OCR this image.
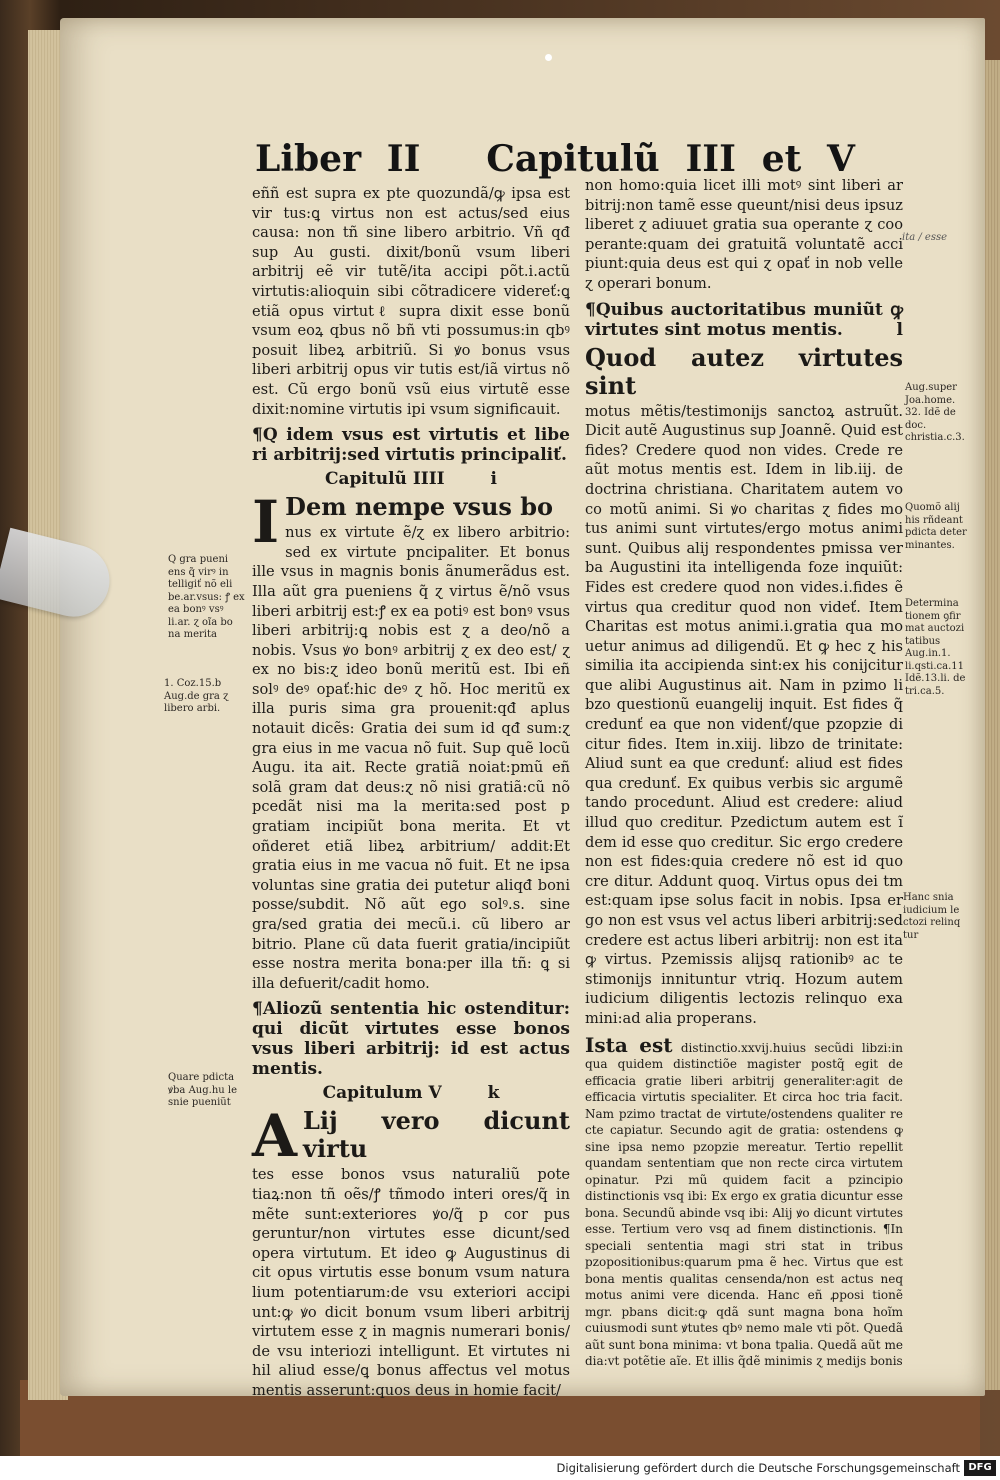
Liber II Capitulũ III et V

eññ est supra ex pte quozundã/ꝙ ipsa est vir tus:ꝗ virtus non est actus/sed eius causa: non tñ sine libero arbitrio. Vñ qđ sup Au gusti. dixit/bonũ vsum liberi arbitrij eẽ vir tutẽ/ita accipi põt.i.actũ virtutis:alioquin sibi cõtradicere videreť:ꝗ etiã opus virtutℓ supra dixit esse bonũ vsum eoꝝ qbus nõ bñ vti possumus:in qbꝰ posuit libeꝝ arbitriũ. Si ꝟo bonus vsus liberi arbitrij opus vir tutis est/iã virtus nõ est. Cũ ergo bonũ vsũ eius virtutẽ esse dixit:nomine virtutis ipi vsum significauit.

¶Q idem vsus est virtutis et libe ri arbitrij:sed virtutis principaliť.

Capitulũ IIII	i

I Dem nempe vsus bo

nus ex virtute ẽ/ɀ ex libero arbitrio: sed ex virtute pncipaliter. Et bonus ille vsus in magnis bonis ãnumerãdus est. Illa aũt gra pueniens q̃ ɀ virtus ẽ/nõ vsus liberi arbitrij est:ꝭ ex ea potiꝰ est bonꝰ vsus liberi arbitrij:ꝗ nobis est ɀ a deo/nõ a nobis. Vsus ꝟo bonꝰ arbitrij ɀ ex deo est/ ɀ ex no bis:ɀ ideo bonũ meritũ est. Ibi eñ solꝰ deꝰ opať:hic deꝰ ɀ hõ. Hoc meritũ ex illa puris sima gra prouenit:qđ aplus notauit dicẽs: Gratia dei sum id qđ sum:ɀ gra eius in me vacua nõ fuit. Sup quẽ locũ Augu. ita ait. Recte gratiã noiat:pmũ eñ solã gram dat deus:ɀ nõ nisi gratiã:cũ nõ pcedãt nisi ma la merita:sed post p gratiam incipiũt bona merita. Et vt oñderet etiã libeꝝ arbitrium/ addit:Et gratia eius in me vacua nõ fuit. Et ne ipsa voluntas sine gratia dei putetur aliqđ boni posse/subdit. Nõ aũt ego solꝰ.s. sine gra/sed gratia dei mecũ.i. cũ libero ar bitrio. Plane cũ data fuerit gratia/incipiũt esse nostra merita bona:per illa tñ: ꝗ si illa defuerit/cadit homo.

¶Aliozũ sententia hic ostenditur: qui dicũt virtutes esse bonos vsus liberi arbitrij: id est actus mentis.

Capitulum V	k

A Lij vero dicunt virtu

tes esse bonos vsus naturaliũ pote tiaꝝ:non tñ oẽs/ꝭ tñmodo interi ores/q̃ in mẽte sunt:exteriores ꝟo/q̃ p cor pus geruntur/non virtutes esse dicunt/sed opera virtutum. Et ideo ꝙ Augustinus di cit opus virtutis esse bonum vsum natura lium potentiarum:de vsu exteriori accipi unt:ꝙ ꝟo dicit bonum vsum liberi arbitrij virtutem esse ɀ in magnis numerari bonis/ de vsu interiozi intelligunt. Et virtutes ni hil aliud esse/ꝗ bonus affectus vel motus mentis asserunt:quos deus in homie facit/

non homo:quia licet illi motꝰ sint liberi ar bitrij:non tamẽ esse queunt/nisi deus ipsuz liberet ɀ adiuuet gratia sua operante ɀ coo perante:quam dei gratuitã voluntatẽ acci piunt:quia deus est qui ɀ opať in nob velle ɀ operari bonum.

¶Quibus auctoritatibus muniũt ꝙ virtutes sint motus mentis.	l

Quod autez virtutes sint

motus mẽtis/testimonijs sanctoꝝ astruũt. Dicit autẽ Augustinus sup Joannẽ. Quid est fides? Credere quod non vides. Crede re aũt motus mentis est. Idem in lib.iij. de doctrina christiana. Charitatem autem vo co motũ animi. Si ꝟo charitas ɀ fides mo tus animi sunt virtutes/ergo motus animi sunt. Quibus alij respondentes pmissa ver ba Augustini ita intelligenda foze inquiũt: Fides est credere quod non vides.i.fides ẽ virtus qua creditur quod non videť. Item Charitas est motus animi.i.gratia qua mo uetur animus ad diligendũ. Et ꝙ hec ɀ his similia ita accipienda sint:ex his conijcitur que alibi Augustinus ait. Nam in pzimo li bzo questionũ euangelij inquit. Est fides q̃ credunť ea que non videnť/que pzopzie di citur fides. Item in.xiij. libzo de trinitate: Aliud sunt ea que credunť: aliud est fides qua credunť. Ex quibus verbis sic argumẽ tando procedunt. Aliud est credere: aliud illud quo creditur. Pzedictum autem est ĩ dem id esse quo creditur. Sic ergo credere non est fides:quia credere nõ est id quo cre ditur. Addunt quoq. Virtus opus dei tm est:quam ipse solus facit in nobis. Ipsa er go non est vsus vel actus liberi arbitrij:sed credere est actus liberi arbitrij: non est ita ꝙ virtus. Pzemissis alijsq rationibꝰ ac te stimonijs innituntur vtriq. Hozum autem iudicium diligentis lectozis relinquo exa mini:ad alia properans.

Ista est distinctio.xxvij.huius secũdi libzi:in qua quidem distinctiõe magister postq̃ egit de efficacia gratie liberi arbitrij generaliter:agit de efficacia virtutis specialiter. Et circa hoc tria facit. Nam pzimo tractat de virtute/ostendens qualiter re cte capiatur. Secundo agit de gratia: ostendens ꝙ sine ipsa nemo pzopzie mereatur. Tertio repellit quandam sententiam que non recte circa virtutem opinatur. Pzi mũ quidem facit a pzincipio distinctionis vsq ibi: Ex ergo ex gratia dicuntur esse bona. Secundũ abinde vsq ibi: Alij ꝟo dicunt virtutes esse. Tertium vero vsq ad finem distinctionis. ¶In speciali sententia magi stri stat in tribus pzopositionibus:quarum pma ẽ hec. Virtus que est bona mentis qualitas censenda/non est actus neq motus animi vere dicenda. Hanc eñ ꝓposi tionẽ mgr. pbans dicit:ꝙ qdã sunt magna bona hoĩm cuiusmodi sunt ꝟtutes qbꝰ nemo male vti põt. Quedã aũt sunt bona minima: vt bona tpalia. Quedã aũt me dia:vt potẽtie aĩe. Et illis q̃dẽ minimis ɀ medijs bonis
Q gra pueni ens q̃ virꝰ in telligiť nõ eli be.ar.vsus: ꝭ ex ea bonꝰ vsꝰ li.ar. ɀ oĩa bo na merita
1. Coz.15.b Aug.de gra ɀ libero arbi.
Quare pdicta ꝟba Aug.hu le snie pueniũt
Aug.super Joa.home. 32. Idẽ de doc. christia.c.3.
Quomõ alij his rñdeant pdicta deter minantes.
Determina tionem ꝯfir mat auctozi tatibus Aug.in.1. li.qsti.ca.11 Idẽ.13.li. de tri.ca.5.
Hanc snia iudicium le ctozi relinq tur
ita / esse
Digitalisierung gefördert durch die Deutsche Forschungsgemeinschaft DFG
